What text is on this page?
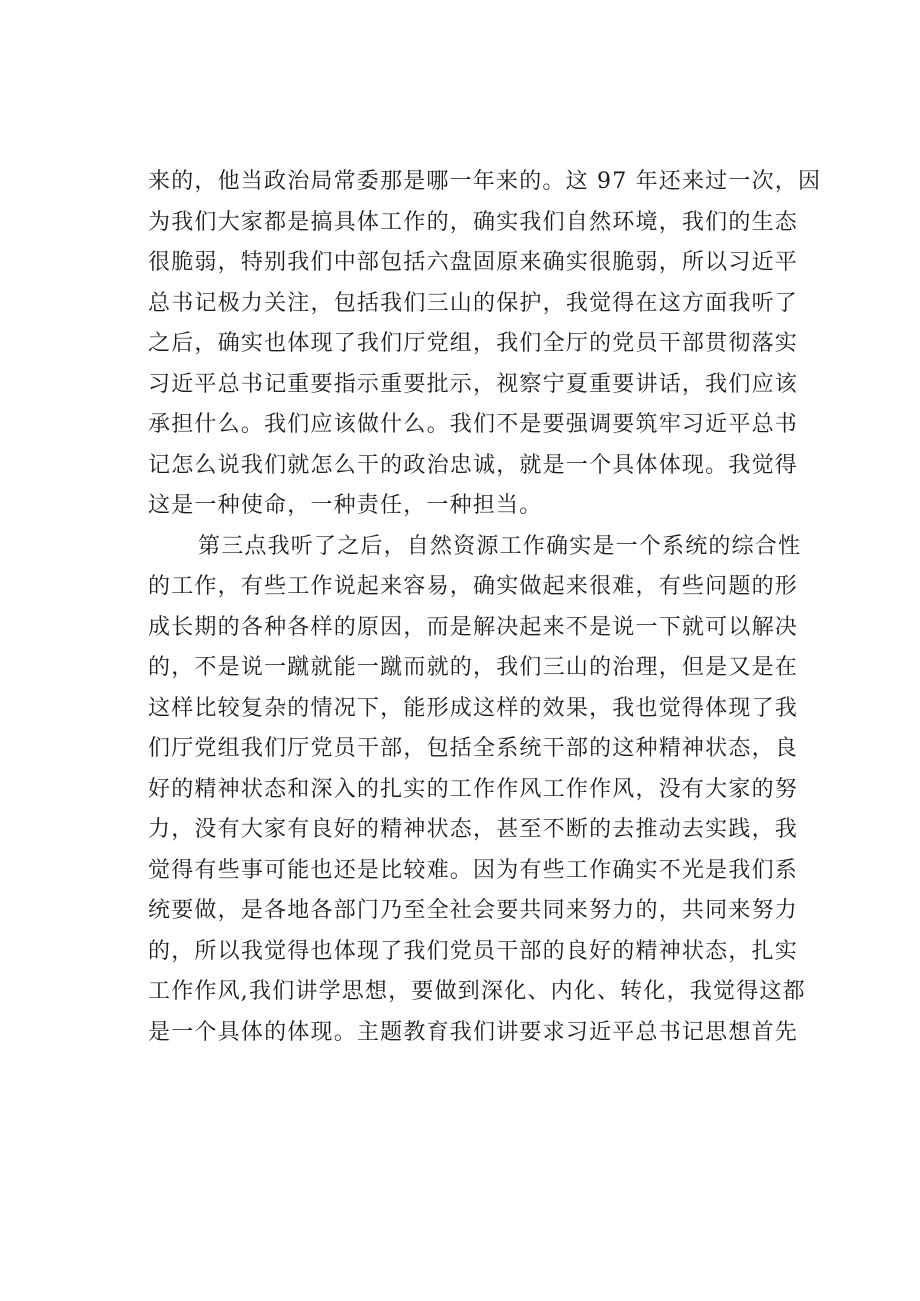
来的，他当政治局常委那是哪一年来的。这 97 年还来过一次，因
为我们大家都是搞具体工作的，确实我们自然环境，我们的生态
很脆弱，特别我们中部包括六盘固原来确实很脆弱，所以习近平
总书记极力关注，包括我们三山的保护，我觉得在这方面我听了
之后，确实也体现了我们厅党组，我们全厅的党员干部贯彻落实
习近平总书记重要指示重要批示，视察宁夏重要讲话，我们应该
承担什么。我们应该做什么。我们不是要强调要筑牢习近平总书
记怎么说我们就怎么干的政治忠诚，就是一个具体体现。我觉得
这是一种使命，一种责任，一种担当。
第三点我听了之后，自然资源工作确实是一个系统的综合性
的工作，有些工作说起来容易，确实做起来很难，有些问题的形
成长期的各种各样的原因，而是解决起来不是说一下就可以解决
的，不是说一蹴就能一蹴而就的，我们三山的治理，但是又是在
这样比较复杂的情况下，能形成这样的效果，我也觉得体现了我
们厅党组我们厅党员干部，包括全系统干部的这种精神状态，良
好的精神状态和深入的扎实的工作作风工作作风，没有大家的努
力，没有大家有良好的精神状态，甚至不断的去推动去实践，我
觉得有些事可能也还是比较难。因为有些工作确实不光是我们系
统要做，是各地各部门乃至全社会要共同来努力的，共同来努力
的，所以我觉得也体现了我们党员干部的良好的精神状态，扎实
工作作风,我们讲学思想，要做到深化、内化、转化，我觉得这都
是一个具体的体现。主题教育我们讲要求习近平总书记思想首先
